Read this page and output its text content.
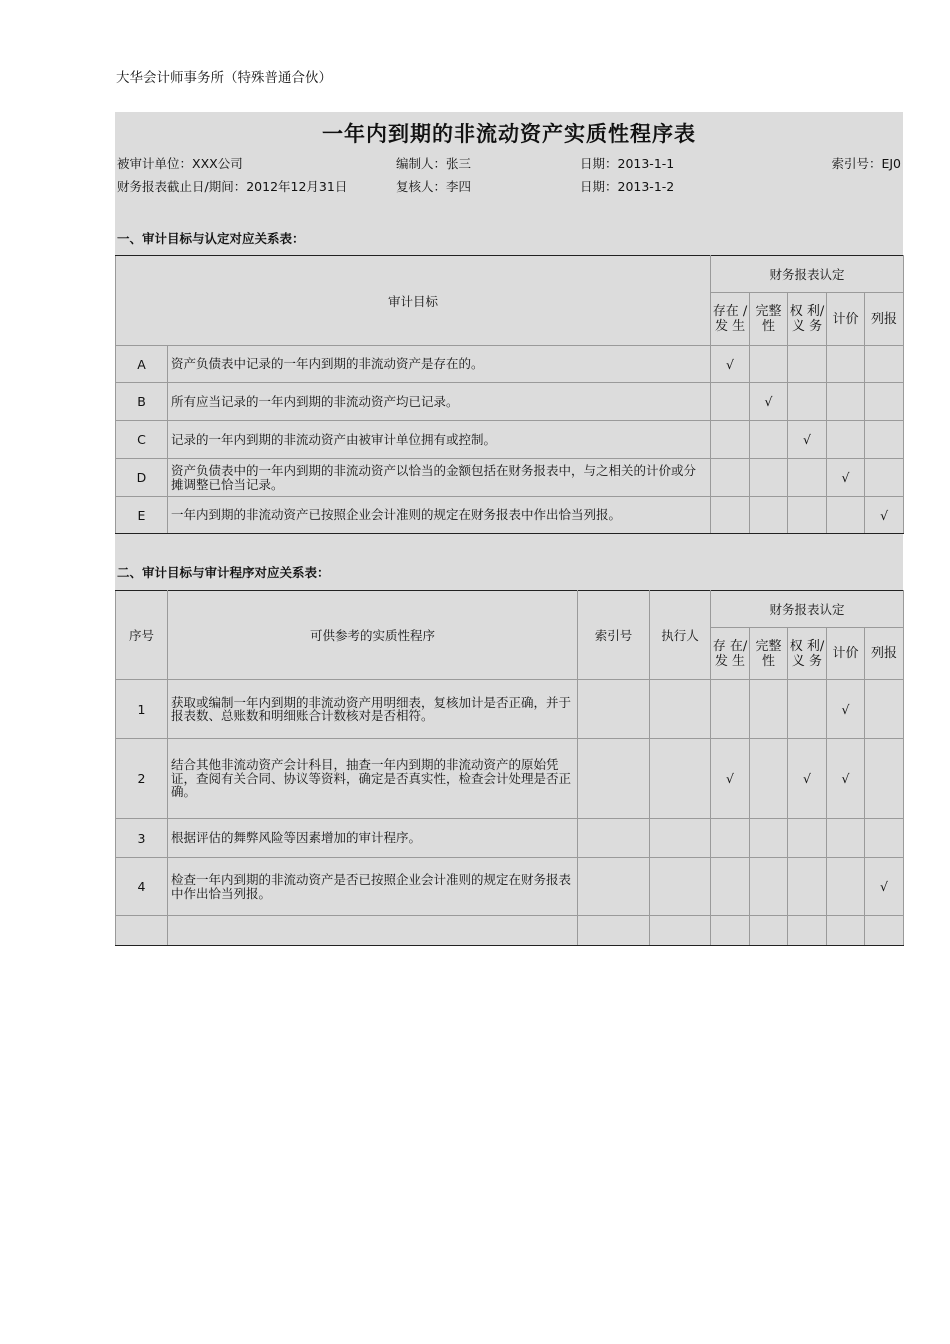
大华会计师事务所（特殊普通合伙）
一年内到期的非流动资产实质性程序表
被审计单位：XXX公司	编制人：张三	日期：2013-1-1	索引号：EJ0
财务报表截止日/期间：2012年12月31日	复核人：李四	日期：2013-1-2
一、审计目标与认定对应关系表：
审计目标		财务报表认定				
		存在 / 发 生	完整 性	权 利/义 务	计价	列报
A	资产负债表中记录的一年内到期的非流动资产是存在的。	√				
B	所有应当记录的一年内到期的非流动资产均已记录。		√			
C	记录的一年内到期的非流动资产由被审计单位拥有或控制。			√		
D	资产负债表中的一年内到期的非流动资产以恰当的金额包括在财务报表中，与之相关的计价或分摊调整已恰当记录。				√	
E	一年内到期的非流动资产已按照企业会计准则的规定在财务报表中作出恰当列报。					√
二、审计目标与审计程序对应关系表：
序号	可供参考的实质性程序	索引号	执行人	财务报表认定				
				存 在/发 生	完整 性	权 利/义 务	计价	列报
1	获取或编制一年内到期的非流动资产用明细表，复核加计是否正确，并于报表数、总账数和明细账合计数核对是否相符。						√	
2	结合其他非流动资产会计科目，抽查一年内到期的非流动资产的原始凭证，查阅有关合同、协议等资料，确定是否真实性，检查会计处理是否正确。			√		√	√	
3	根据评估的舞弊风险等因素增加的审计程序。							
4	检查一年内到期的非流动资产是否已按照企业会计准则的规定在财务报表中作出恰当列报。							√
